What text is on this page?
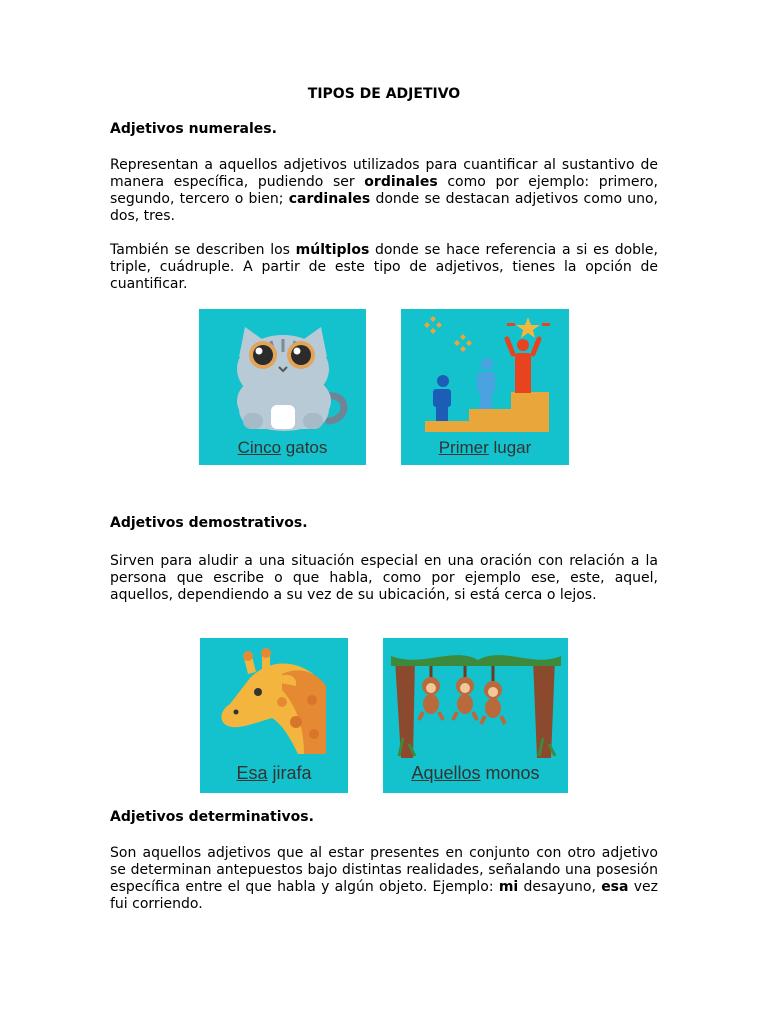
TIPOS DE ADJETIVO
Adjetivos numerales.
Representan a aquellos adjetivos utilizados para cuantificar al sustantivo de manera específica, pudiendo ser ordinales como por ejemplo: primero, segundo, tercero o bien; cardinales donde se destacan adjetivos como uno, dos, tres.
También se describen los múltiplos donde se hace referencia a si es doble, triple, cuádruple. A partir de este tipo de adjetivos, tienes la opción de cuantificar.
Cinco gatos	Primer lugar
Adjetivos demostrativos.
Sirven para aludir a una situación especial en una oración con relación a la persona que escribe o que habla, como por ejemplo ese, este, aquel, aquellos, dependiendo a su vez de su ubicación, si está cerca o lejos.
Esa jirafa	Aquellos monos
Adjetivos determinativos.
Son aquellos adjetivos que al estar presentes en conjunto con otro adjetivo se determinan antepuestos bajo distintas realidades, señalando una posesión específica entre el que habla y algún objeto. Ejemplo: mi desayuno, esa vez fui corriendo.
